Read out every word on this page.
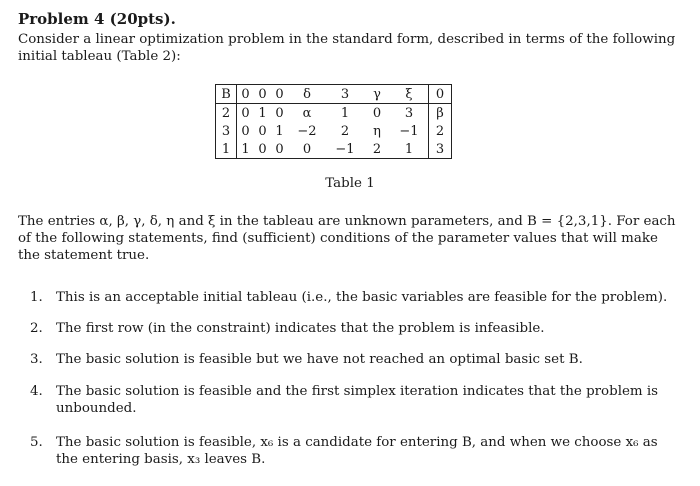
Problem 4 (20pts).

Consider a linear optimization problem in the standard form, described in terms of the following initial tableau (Table 2):

B	0	0	0	δ	3	γ	ξ	0
2	0	1	0	α	1	0	3	β
3	0	0	1	−2	2	η	−1	2
1	1	0	0	0	−1	2	1	3
Table 1

The entries α, β, γ, δ, η and ξ in the tableau are unknown parameters, and B = {2,3,1}. For each of the following statements, find (sufficient) conditions of the parameter values that will make the statement true.

1. This is an acceptable initial tableau (i.e., the basic variables are feasible for the problem).
2. The first row (in the constraint) indicates that the problem is infeasible.
3. The basic solution is feasible but we have not reached an optimal basic set B.
4. The basic solution is feasible and the first simplex iteration indicates that the problem is unbounded.
5. The basic solution is feasible, x₆ is a candidate for entering B, and when we choose x₆ as the entering basis, x₃ leaves B.
